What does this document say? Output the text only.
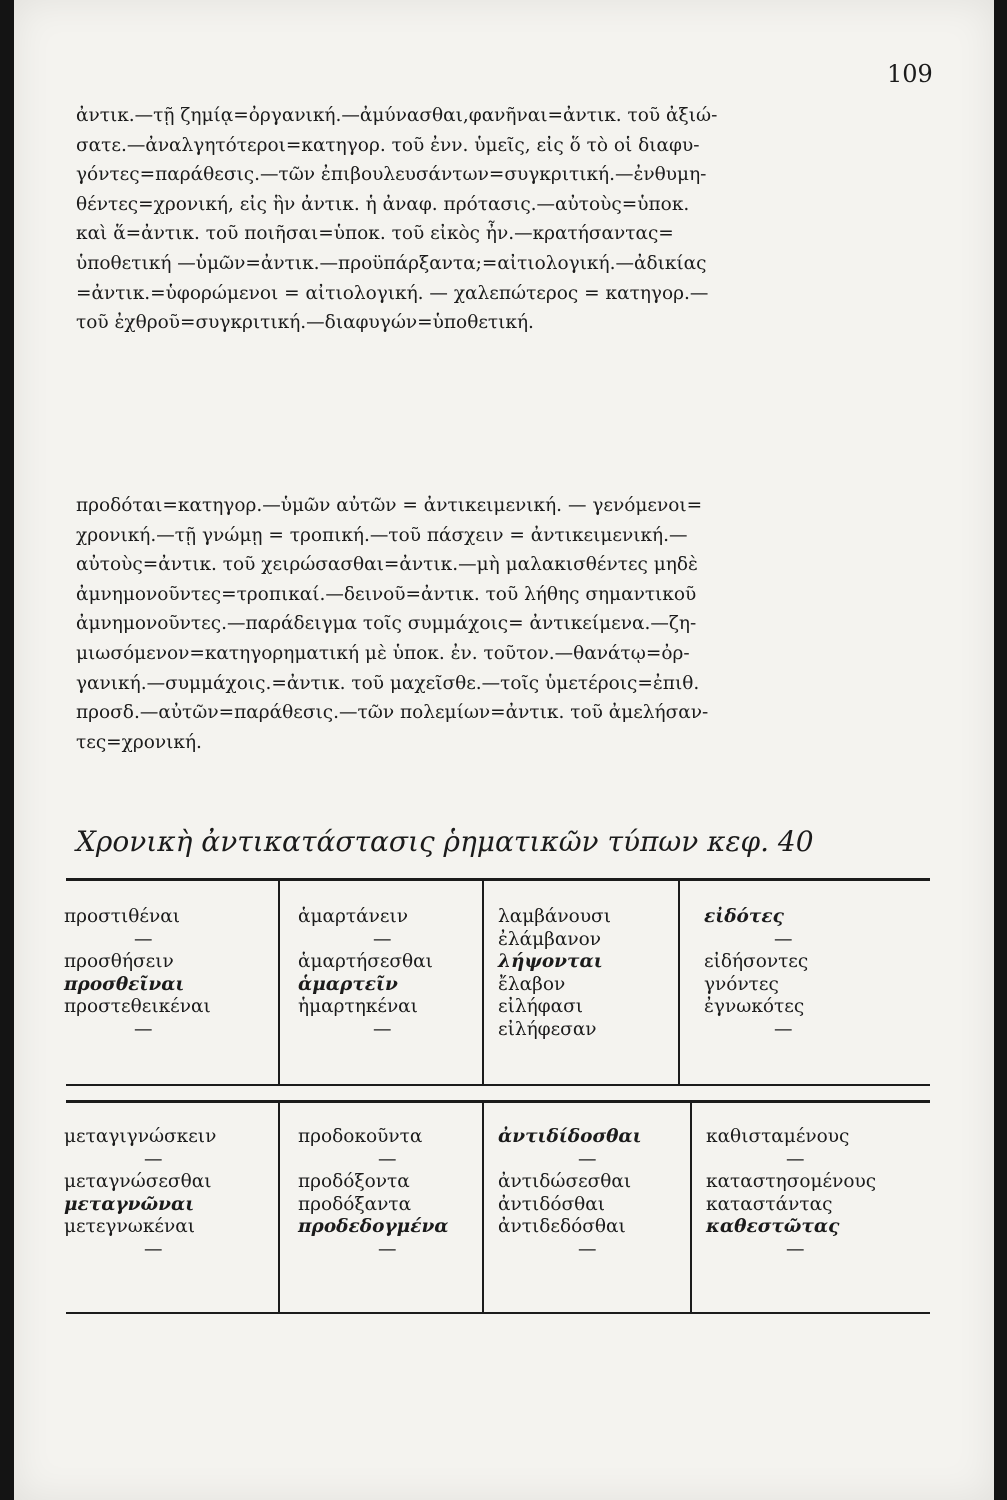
109
ἀντικ.—τῇ ζημίᾳ=ὀργανική.—ἀμύνασθαι,φανῆναι=ἀντικ. τοῦ ἀξιώ-
σατε.—ἀναλγητότεροι=κατηγορ. τοῦ ἐνν. ὑμεῖς, εἰς ὅ τὸ οἱ διαφυ-
γόντες=παράθεσις.—τῶν ἐπιβουλευσάντων=συγκριτική.—ἐνθυμη-
θέντες=χρονική, εἰς ἣν ἀντικ. ἡ ἀναφ. πρότασις.—αὐτοὺς=ὑποκ.
καὶ ἅ=ἀντικ. τοῦ ποιῆσαι=ὑποκ. τοῦ εἰκὸς ἦν.—κρατήσαντας=
ὑποθετική —ὑμῶν=ἀντικ.—προϋπάρξαντα;=αἰτιολογική.—ἀδικίας
=ἀντικ.=ὑφορώμενοι = αἰτιολογική. — χαλεπώτερος = κατηγορ.—
τοῦ ἐχθροῦ=συγκριτική.—διαφυγών=ὑποθετική.
προδόται=κατηγορ.—ὑμῶν αὐτῶν = ἀντικειμενική. — γενόμενοι=
χρονική.—τῇ γνώμῃ = τροπική.—τοῦ πάσχειν = ἀντικειμενική.—
αὐτοὺς=ἀντικ. τοῦ χειρώσασθαι=ἀντικ.—μὴ μαλακισθέντες μηδὲ
ἀμνημονοῦντες=τροπικαί.—δεινοῦ=ἀντικ. τοῦ λήθης σημαντικοῦ
ἀμνημονοῦντες.—παράδειγμα τοῖς συμμάχοις= ἀντικείμενα.—ζη-
μιωσόμενον=κατηγορηματική μὲ ὑποκ. ἐν. τοῦτον.—θανάτῳ=ὀρ-
γανική.—συμμάχοις.=ἀντικ. τοῦ μαχεῖσθε.—τοῖς ὑμετέροις=ἐπιθ.
προσδ.—αὐτῶν=παράθεσις.—τῶν πολεμίων=ἀντικ. τοῦ ἀμελήσαν-
τες=χρονική.
Χρονικὴ ἀντικατάστασις ῥηματικῶν τύπων κεφ. 40
προστιθέναι
—
προσθήσειν
προσθεῖναι
προστεθεικέναι
—
ἁμαρτάνειν
—
ἁμαρτήσεσθαι
ἁμαρτεῖν
ἡμαρτηκέναι
—
λαμβάνουσι
ἐλάμβανον
λήψονται
ἔλαβον
εἰλήφασι
εἰλήφεσαν
εἰδότες
—
εἰδήσοντες
γνόντες
ἐγνωκότες
—
μεταγιγνώσκειν
—
μεταγνώσεσθαι
μεταγνῶναι
μετεγνωκέναι
—
προδοκοῦντα
—
προδόξοντα
προδόξαντα
προδεδογμένα
—
ἀντιδίδοσθαι
—
ἀντιδώσεσθαι
ἀντιδόσθαι
ἀντιδεδόσθαι
—
καθισταμένους
—
καταστησομένους
καταστάντας
καθεστῶτας
—
